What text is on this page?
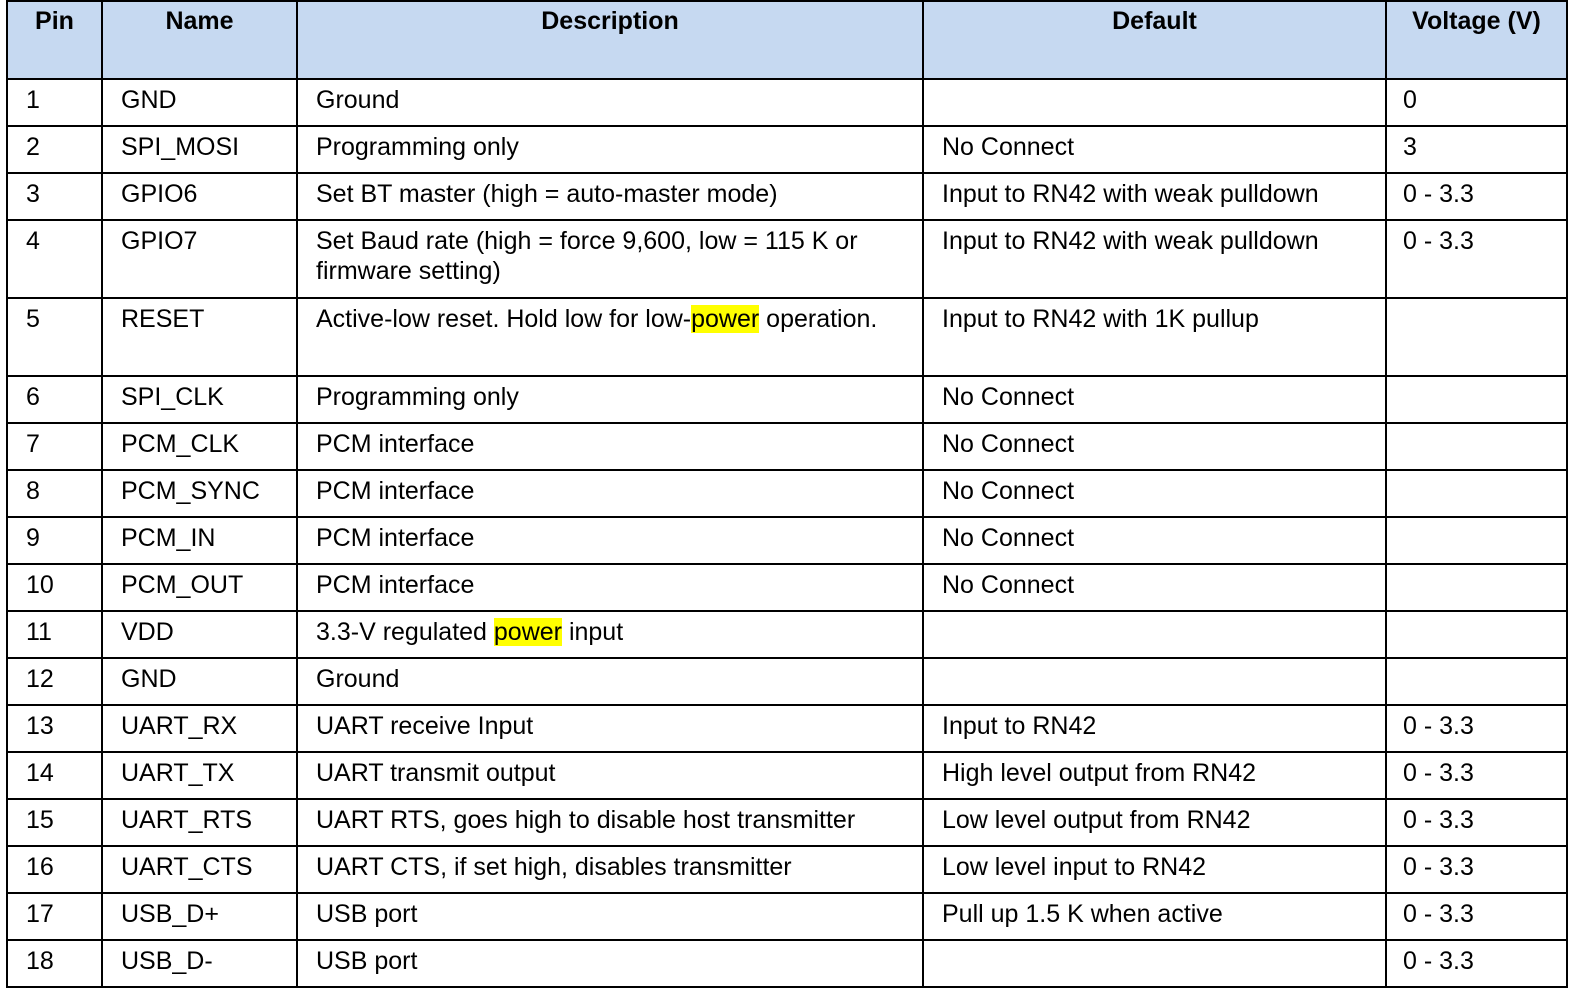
Pin	Name	Description	Default	Voltage (V)
1	GND	Ground		0
2	SPI_MOSI	Programming only	No Connect	3
3	GPIO6	Set BT master (high = auto-master mode)	Input to RN42 with weak pulldown	0 - 3.3
4	GPIO7	Set Baud rate (high = force 9,600, low = 115 K or firmware setting)	Input to RN42 with weak pulldown	0 - 3.3
5	RESET	Active-low reset. Hold low for low-power operation.	Input to RN42 with 1K pullup	
6	SPI_CLK	Programming only	No Connect	
7	PCM_CLK	PCM interface	No Connect	
8	PCM_SYNC	PCM interface	No Connect	
9	PCM_IN	PCM interface	No Connect	
10	PCM_OUT	PCM interface	No Connect	
11	VDD	3.3-V regulated power input		
12	GND	Ground		
13	UART_RX	UART receive Input	Input to RN42	0 - 3.3
14	UART_TX	UART transmit output	High level output from RN42	0 - 3.3
15	UART_RTS	UART RTS, goes high to disable host transmitter	Low level output from RN42	0 - 3.3
16	UART_CTS	UART CTS, if set high, disables transmitter	Low level input to RN42	0 - 3.3
17	USB_D+	USB port	Pull up 1.5 K when active	0 - 3.3
18	USB_D-	USB port		0 - 3.3
